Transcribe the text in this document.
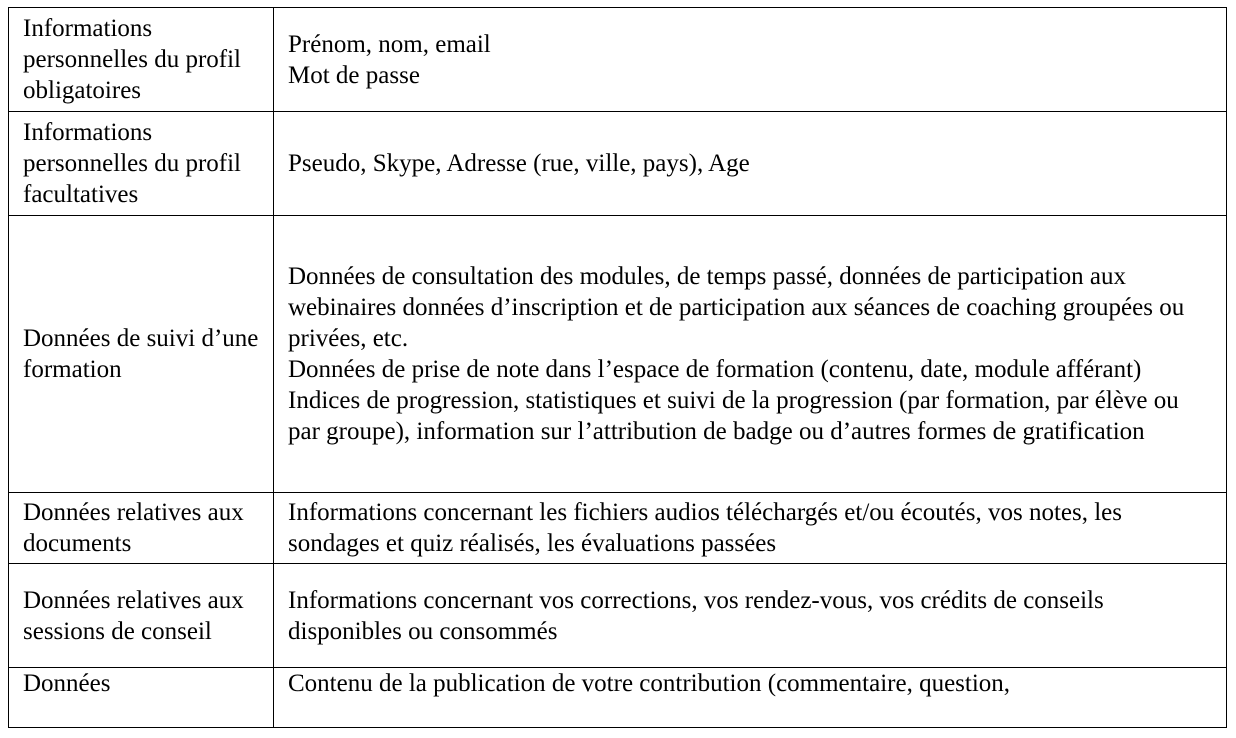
Informations personnelles du profil obligatoires	Prénom, nom, email
Mot de passe

Informations personnelles du profil facultatives	Pseudo, Skype, Adresse (rue, ville, pays), Age

Données de suivi d’une formation	Données de consultation des modules, de temps passé, données de participation aux webinaires données d’inscription et de participation aux séances de coaching groupées ou privées, etc.
Données de prise de note dans l’espace de formation (contenu, date, module afférant)
Indices de progression, statistiques et suivi de la progression (par formation, par élève ou par groupe), information sur l’attribution de badge ou d’autres formes de gratification

Données relatives aux documents	Informations concernant les fichiers audios téléchargés et/ou écoutés, vos notes, les sondages et quiz réalisés, les évaluations passées

Données relatives aux sessions de conseil	Informations concernant vos corrections, vos rendez-vous, vos crédits de conseils disponibles ou consommés

Données	Contenu de la publication de votre contribution (commentaire, question,
